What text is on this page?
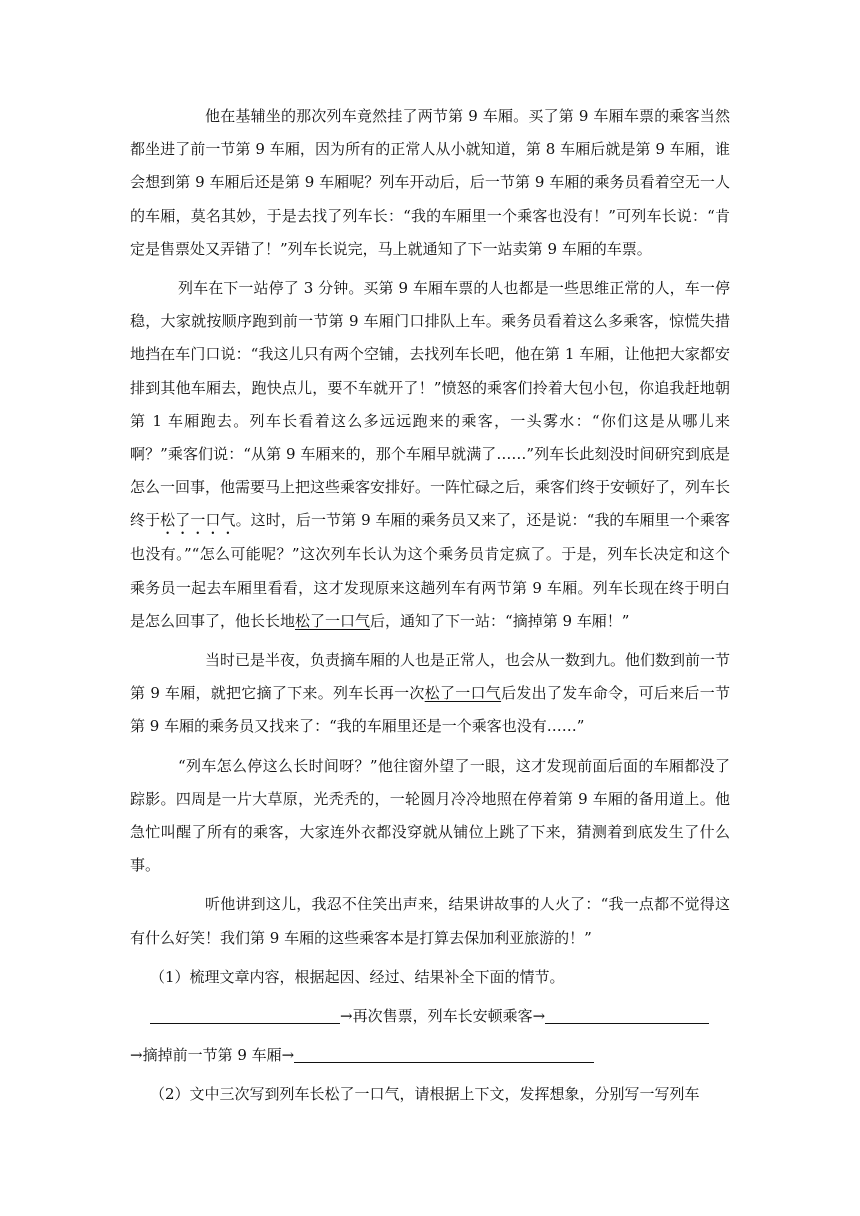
他在基辅坐的那次列车竟然挂了两节第 9 车厢。买了第 9 车厢车票的乘客当然都坐进了前一节第 9 车厢，因为所有的正常人从小就知道，第 8 车厢后就是第 9 车厢，谁会想到第 9 车厢后还是第 9 车厢呢？列车开动后，后一节第 9 车厢的乘务员看着空无一人的车厢，莫名其妙，于是去找了列车长：“我的车厢里一个乘客也没有！”可列车长说：“肯定是售票处又弄错了！”列车长说完，马上就通知了下一站卖第 9 车厢的车票。

列车在下一站停了 3 分钟。买第 9 车厢车票的人也都是一些思维正常的人，车一停稳，大家就按顺序跑到前一节第 9 车厢门口排队上车。乘务员看着这么多乘客，惊慌失措地挡在车门口说：“我这儿只有两个空铺，去找列车长吧，他在第 1 车厢，让他把大家都安排到其他车厢去，跑快点儿，要不车就开了！”愤怒的乘客们拎着大包小包，你追我赶地朝第 1 车厢跑去。列车长看着这么多远远跑来的乘客，一头雾水：“你们这是从哪儿来啊？”乘客们说：“从第 9 车厢来的，那个车厢早就满了……”列车长此刻没时间研究到底是怎么一回事，他需要马上把这些乘客安排好。一阵忙碌之后，乘客们终于安顿好了，列车长终于松了一口气。这时，后一节第 9 车厢的乘务员又来了，还是说：“我的车厢里一个乘客也没有。”“怎么可能呢？”这次列车长认为这个乘务员肯定疯了。于是，列车长决定和这个乘务员一起去车厢里看看，这才发现原来这趟列车有两节第 9 车厢。列车长现在终于明白是怎么回事了，他长长地松了一口气后，通知了下一站：“摘掉第 9 车厢！”

当时已是半夜，负责摘车厢的人也是正常人，也会从一数到九。他们数到前一节第 9 车厢，就把它摘了下来。列车长再一次松了一口气后发出了发车命令，可后来后一节第 9 车厢的乘务员又找来了：“我的车厢里还是一个乘客也没有……”

“列车怎么停这么长时间呀？”他往窗外望了一眼，这才发现前面后面的车厢都没了踪影。四周是一片大草原，光秃秃的，一轮圆月冷冷地照在停着第 9 车厢的备用道上。他急忙叫醒了所有的乘客，大家连外衣都没穿就从铺位上跳了下来，猜测着到底发生了什么事。

听他讲到这儿，我忍不住笑出声来，结果讲故事的人火了：“我一点都不觉得这有什么好笑！我们第 9 车厢的这些乘客本是打算去保加利亚旅游的！”

（1）梳理文章内容，根据起因、经过、结果补全下面的情节。

→再次售票，列车长安顿乘客→

→摘掉前一节第 9 车厢→

（2）文中三次写到列车长松了一口气，请根据上下文，发挥想象，分别写一写列车
